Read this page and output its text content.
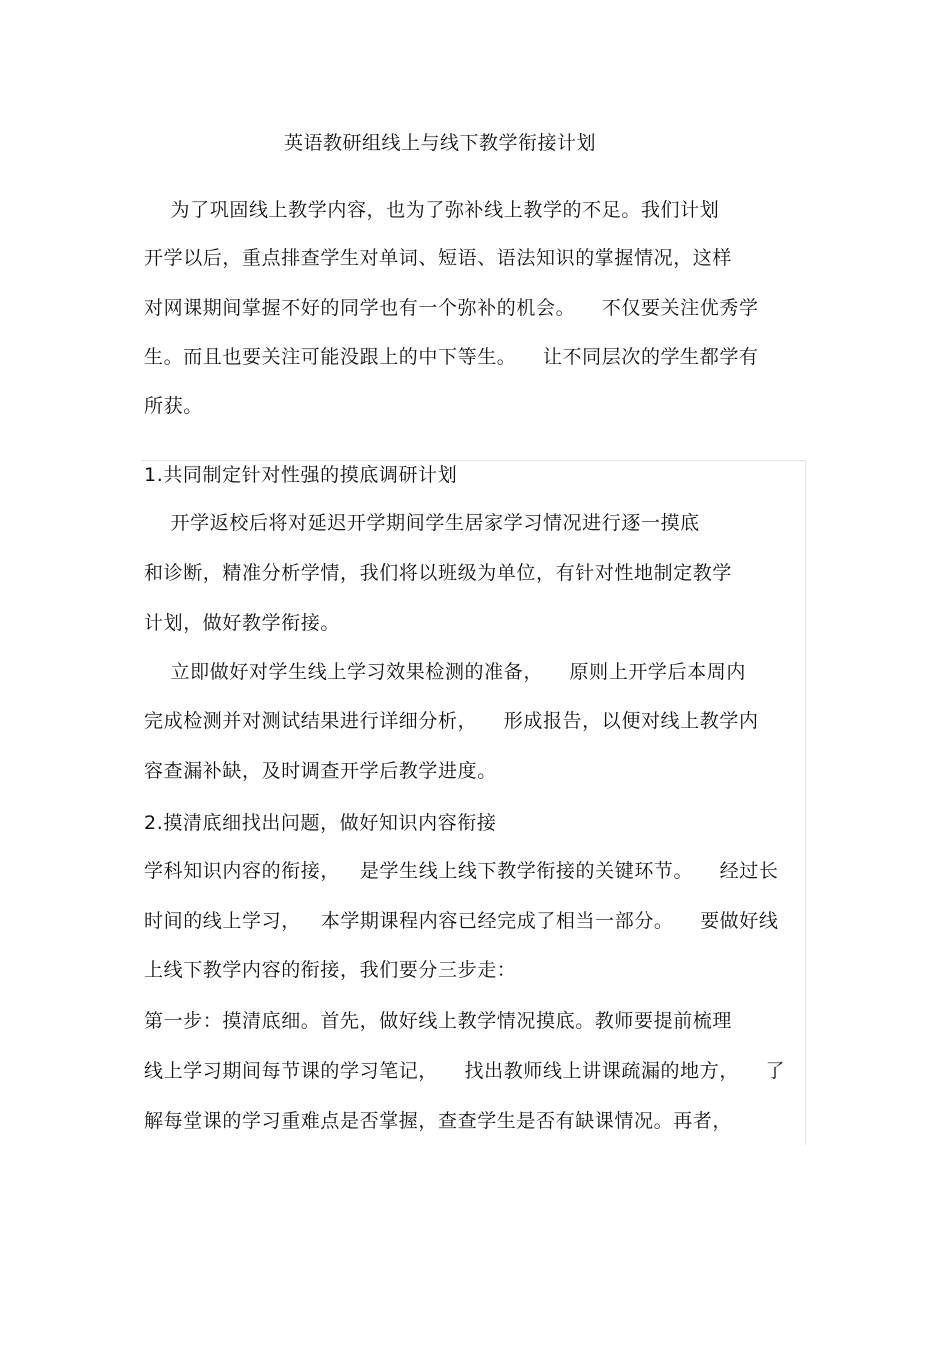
英语教研组线上与线下教学衔接计划
为了巩固线上教学内容，也为了弥补线上教学的不足。我们计划
开学以后，重点排查学生对单词、短语、语法知识的掌握情况，这样
对网课期间掌握不好的同学也有一个弥补的机会。    不仅要关注优秀学
生。而且也要关注可能没跟上的中下等生。    让不同层次的学生都学有
所获。
1.共同制定针对性强的摸底调研计划
开学返校后将对延迟开学期间学生居家学习情况进行逐一摸底
和诊断，精准分析学情，我们将以班级为单位，有针对性地制定教学
计划，做好教学衔接。
立即做好对学生线上学习效果检测的准备，    原则上开学后本周内
完成检测并对测试结果进行详细分析，    形成报告，以便对线上教学内
容查漏补缺，及时调查开学后教学进度。
2.摸清底细找出问题，做好知识内容衔接
学科知识内容的衔接，   是学生线上线下教学衔接的关键环节。    经过长
时间的线上学习，   本学期课程内容已经完成了相当一部分。    要做好线
上线下教学内容的衔接，我们要分三步走：
第一步：摸清底细。首先，做好线上教学情况摸底。教师要提前梳理
线上学习期间每节课的学习笔记，    找出教师线上讲课疏漏的地方，    了
解每堂课的学习重难点是否掌握，查查学生是否有缺课情况。再者，
